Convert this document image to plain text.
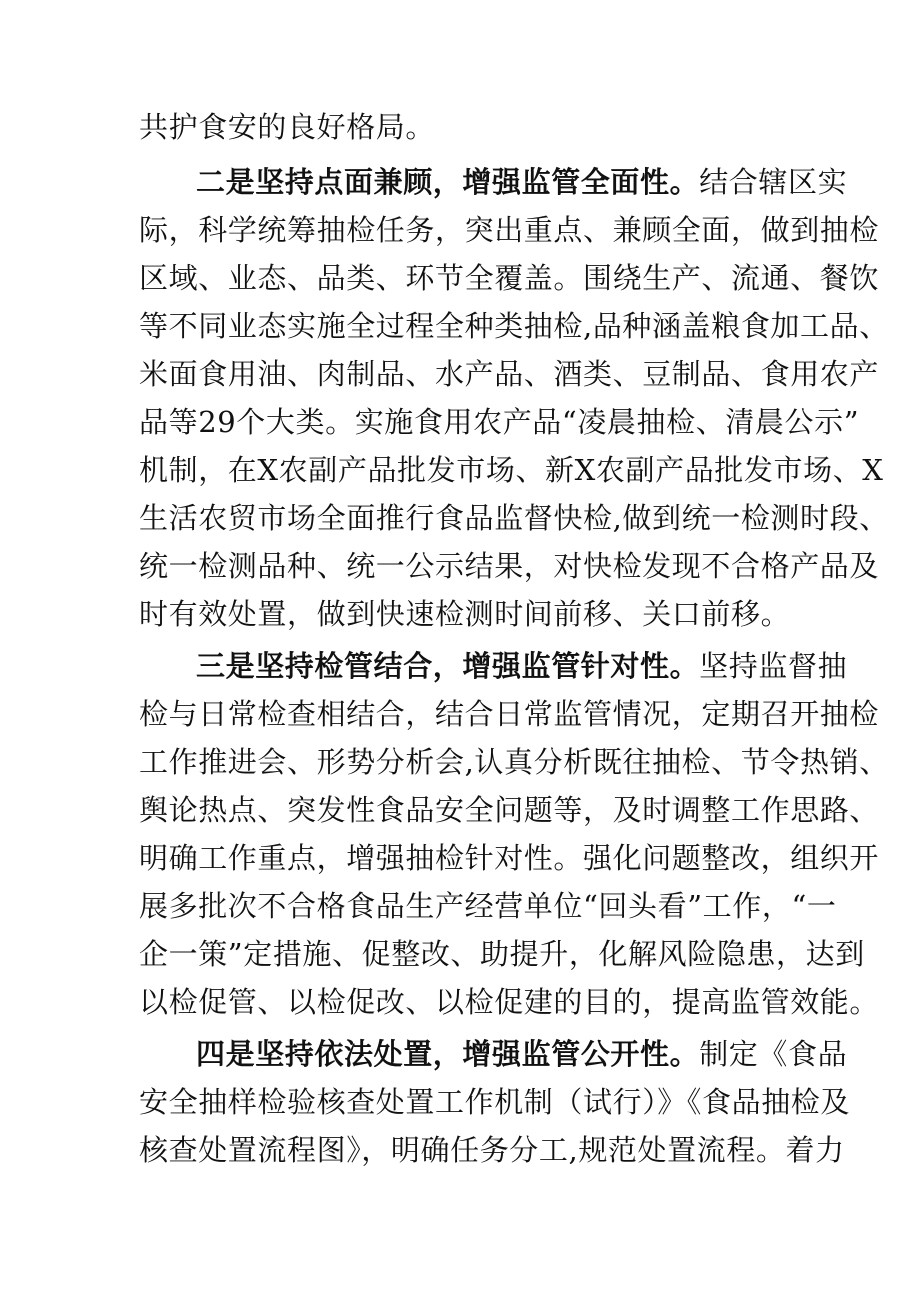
共护食安的良好格局。
二是坚持点面兼顾，增强监管全面性。结合辖区实
际，科学统筹抽检任务，突出重点、兼顾全面，做到抽检
区域、业态、品类、环节全覆盖。围绕生产、流通、餐饮
等不同业态实施全过程全种类抽检,品种涵盖粮食加工品、
米面食用油、肉制品、水产品、酒类、豆制品、食用农产
品等29个大类。实施食用农产品“凌晨抽检、清晨公示”
机制，在X农副产品批发市场、新X农副产品批发市场、X
生活农贸市场全面推行食品监督快检,做到统一检测时段、
统一检测品种、统一公示结果，对快检发现不合格产品及
时有效处置，做到快速检测时间前移、关口前移。
三是坚持检管结合，增强监管针对性。坚持监督抽
检与日常检查相结合，结合日常监管情况，定期召开抽检
工作推进会、形势分析会,认真分析既往抽检、节令热销、
舆论热点、突发性食品安全问题等，及时调整工作思路、
明确工作重点，增强抽检针对性。强化问题整改，组织开
展多批次不合格食品生产经营单位“回头看”工作，“一
企一策”定措施、促整改、助提升，化解风险隐患，达到
以检促管、以检促改、以检促建的目的，提高监管效能。
四是坚持依法处置，增强监管公开性。制定《食品
安全抽样检验核查处置工作机制（试行）》《食品抽检及
核查处置流程图》，明确任务分工,规范处置流程。着力
